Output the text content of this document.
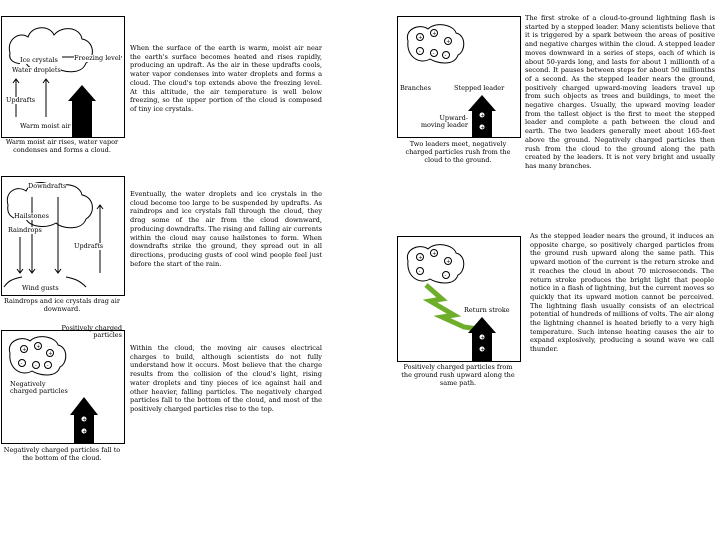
Ice crystals
Water droplets
Freezing level
Updrafts
Warm moist air
Warm moist air rises, water vapor condenses and forms a cloud.
When the surface of the earth is warm, moist air near the earth's surface becomes heated and rises rapidly, producing an updraft. As the air in these updrafts cools, water vapor condenses into water droplets and forms a cloud. The cloud's top extends above the freezing level. At this altitude, the air temperature is well below freezing, so the upper portion of the cloud is composed of tiny ice crystals.
Downdrafts
Hailstones
Raindrops
Updrafts
Wind gusts
Raindrops and ice crystals drag air downward.
Eventually, the water droplets and ice crystals in the cloud become too large to be suspended by updrafts. As raindrops and ice crystals fall through the cloud, they drag some of the air from the cloud downward, producing downdrafts. The rising and falling air currents within the cloud may cause hailstones to form. When downdrafts strike the ground, they spread out in all directions, producing gusts of cool wind people feel just before the start of the rain.
+ +
+
- - -
+
+
Positively charged particles
Negatively charged particles
Negatively charged particles fall to the bottom of the cloud.
Within the cloud, the moving air causes electrical charges to build, although scientists do not fully understand how it occurs. Most believe that the charge results from the collision of the cloud's light, rising water droplets and tiny pieces of ice against hail and other heavier, falling particles. The negatively charged particles fall to the bottom of the cloud, and most of the positively charged particles rise to the top.
+
+
+
- - -
+
+
Branches	Stepped leader
Upward-moving leader
Two leaders meet, negatively charged particles rush from the cloud to the ground.
The first stroke of a cloud-to-ground lightning flash is started by a stepped leader. Many scientists believe that it is triggered by a spark between the areas of positive and negative charges within the cloud. A stepped leader moves downward in a series of steps, each of which is about 50-yards long, and lasts for about 1 millionth of a second. It pauses between steps for about 50 millionths of a second. As the stepped leader nears the ground, positively charged upward-moving leaders travel up from such objects as trees and buildings, to meet the negative charges. Usually, the upward moving leader from the tallest object is the first to meet the stepped leader and complete a path between the cloud and earth. The two leaders generally meet about 165-feet above the ground. Negatively charged particles then rush from the cloud to the ground along the path created by the leaders. It is not very bright and usually has many branches.
+
+
+
-
-
+
+
Return stroke
Positively charged particles from the ground rush upward along the same path.
As the stepped leader nears the ground, it induces an opposite charge, so positively charged particles from the ground rush upward along the same path. This upward motion of the current is the return stroke and it reaches the cloud in about 70 microseconds. The return stroke produces the bright light that people notice in a flash of lightning, but the current moves so quickly that its upward motion cannot be perceived. The lightning flash usually consists of an electrical potential of hundreds of millions of volts. The air along the lightning channel is heated briefly to a very high temperature. Such intense heating causes the air to expand explosively, producing a sound wave we call thunder.
